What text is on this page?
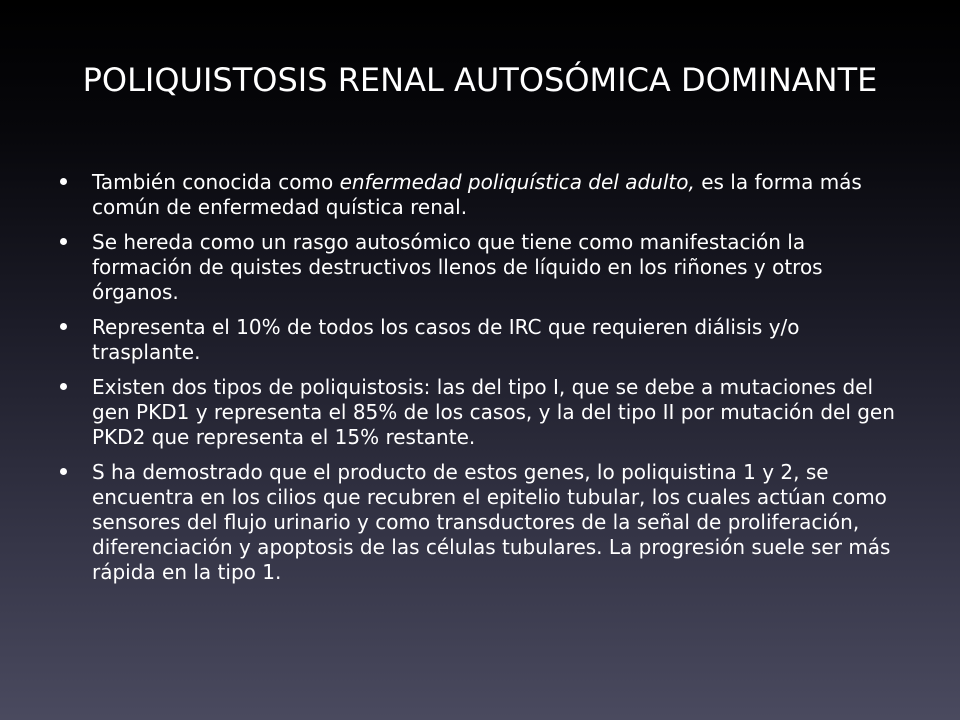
POLIQUISTOSIS RENAL AUTOSÓMICA DOMINANTE
También conocida como enfermedad poliquística del adulto, es la forma más común de enfermedad quística renal.
Se hereda como un rasgo autosómico que tiene como manifestación la formación de quistes destructivos llenos de líquido en los riñones y otros órganos.
Representa el 10% de todos los casos de IRC que requieren diálisis y/o trasplante.
Existen dos tipos de poliquistosis: las del tipo I, que se debe a mutaciones del gen PKD1 y representa el 85% de los casos, y la del tipo II por mutación del gen PKD2 que representa el 15% restante.
S ha demostrado que el producto de estos genes, lo poliquistina 1 y 2, se encuentra en los cilios que recubren el epitelio tubular, los cuales actúan como sensores del flujo urinario y como transductores de la señal de proliferación, diferenciación y apoptosis de las células tubulares. La progresión suele ser más rápida en la tipo 1.
